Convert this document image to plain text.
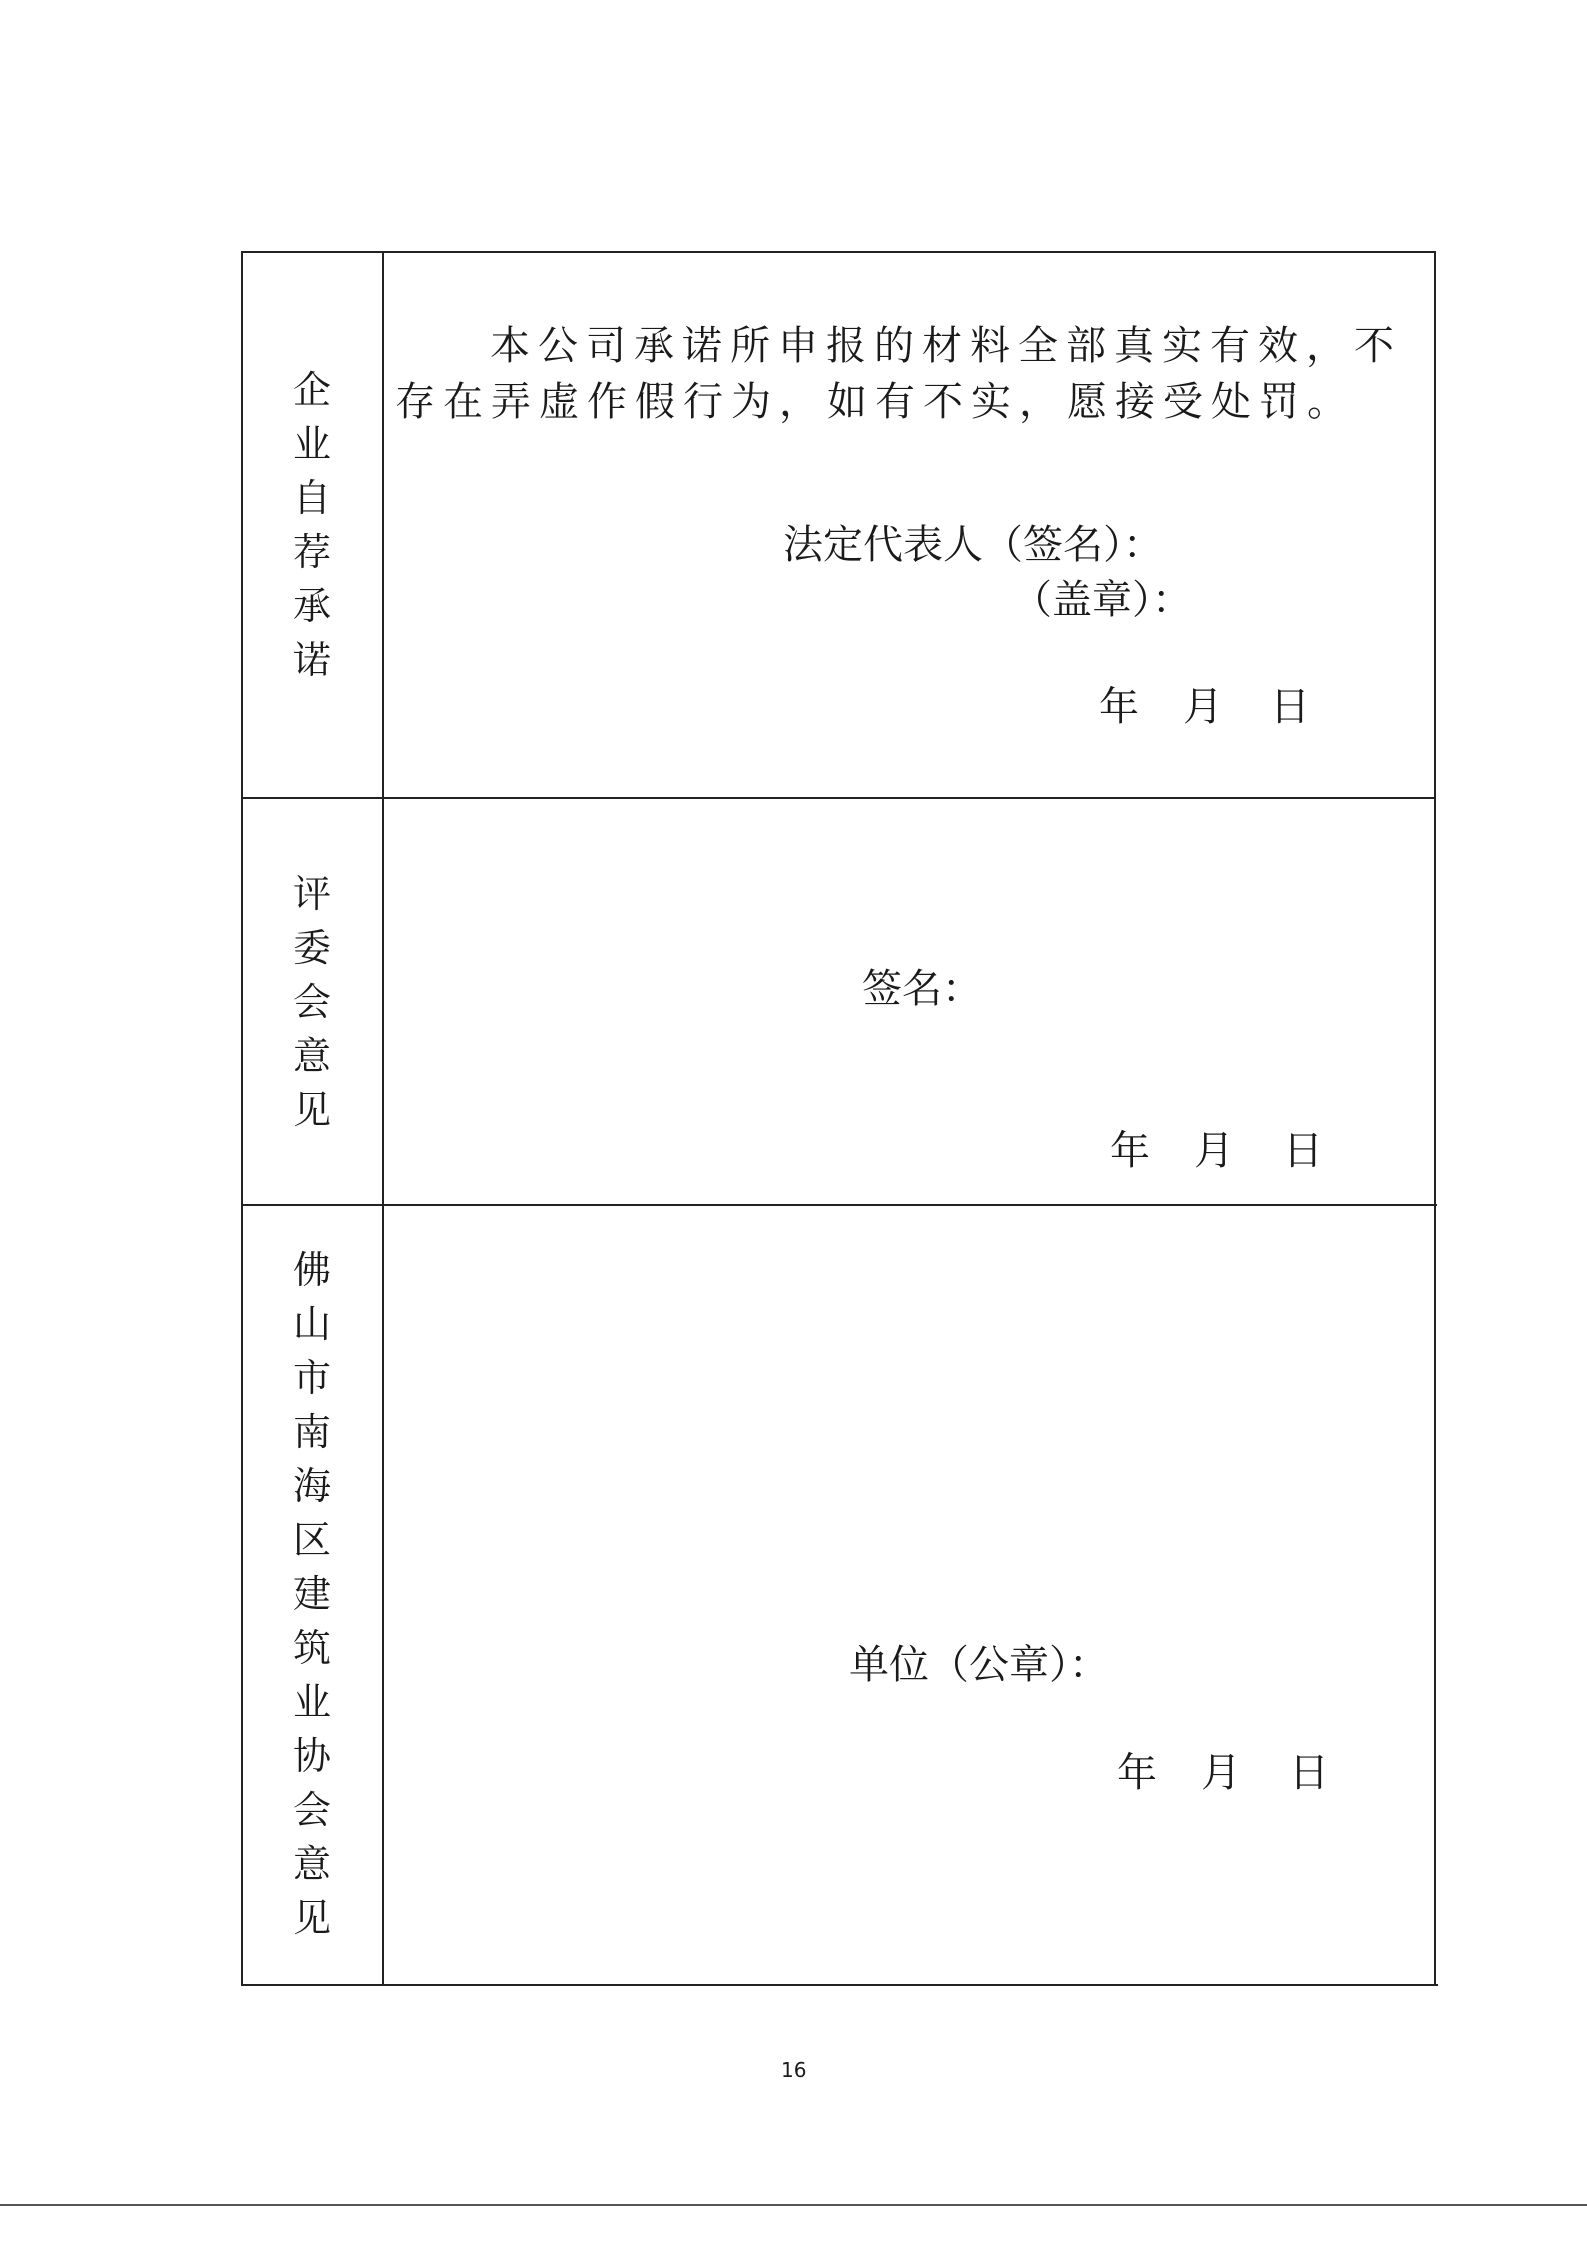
企
业
自
荐
承
诺
本公司承诺所申报的材料全部真实有效，不存在弄虚作假行为，如有不实，愿接受处罚。
法定代表人（签名）：
（盖章）：
年 月 日
评
委
会
意
见
签名：
年 月 日
佛
山
市
南
海
区
建
筑
业
协
会
意
见
单位（公章）：
年 月 日
16
